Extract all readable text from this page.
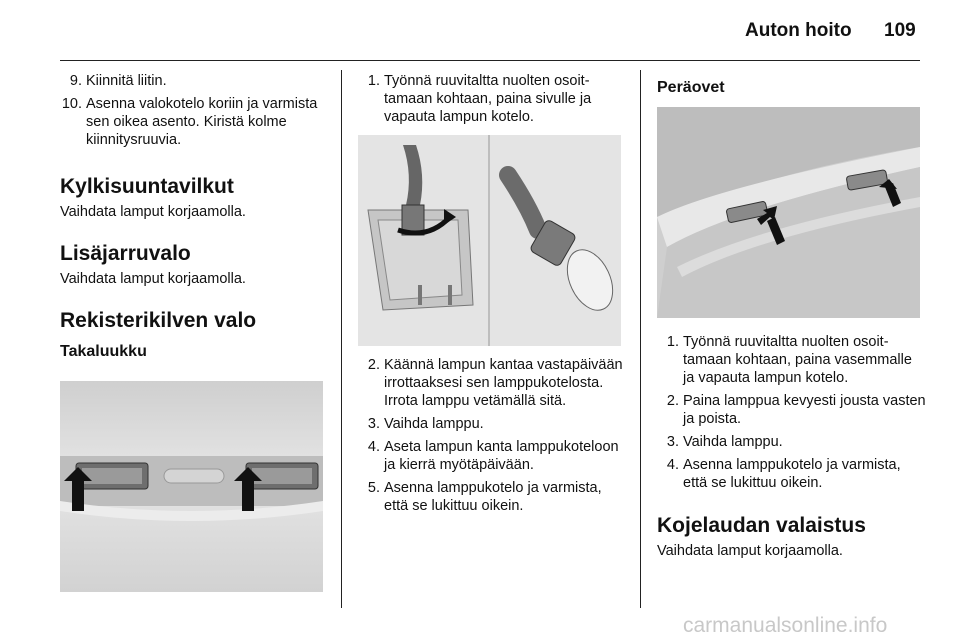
Auton hoito 109
9. Kiinnitä liitin.
10. Asenna valokotelo koriin ja varmista sen oikea asento. Kiristä kolme kiinnitysruuvia.

Kylkisuuntavilkut

Vaihdata lamput korjaamolla.

Lisäjarruvalo

Vaihdata lamput korjaamolla.

Rekisterikilven valo

Takaluukku

1. Työnnä ruuvitaltta nuolten osoittamaan kohtaan, paina sivulle ja vapauta lampun kotelo.
2. Käännä lampun kantaa vastapäivään irrottaaksesi sen lamppukotelosta. Irrota lamppu vetämällä sitä.
3. Vaihda lamppu.
4. Aseta lampun kanta lamppukoteloon ja kierrä myötäpäivään.
5. Asenna lamppukotelo ja varmista, että se lukittuu oikein.

Peräovet

1. Työnnä ruuvitaltta nuolten osoittamaan kohtaan, paina vasemmalle ja vapauta lampun kotelo.
2. Paina lamppua kevyesti jousta vasten ja poista.
3. Vaihda lamppu.
4. Asenna lamppukotelo ja varmista, että se lukittuu oikein.

Kojelaudan valaistus

Vaihdata lamput korjaamolla.

carmanualsonline.info
